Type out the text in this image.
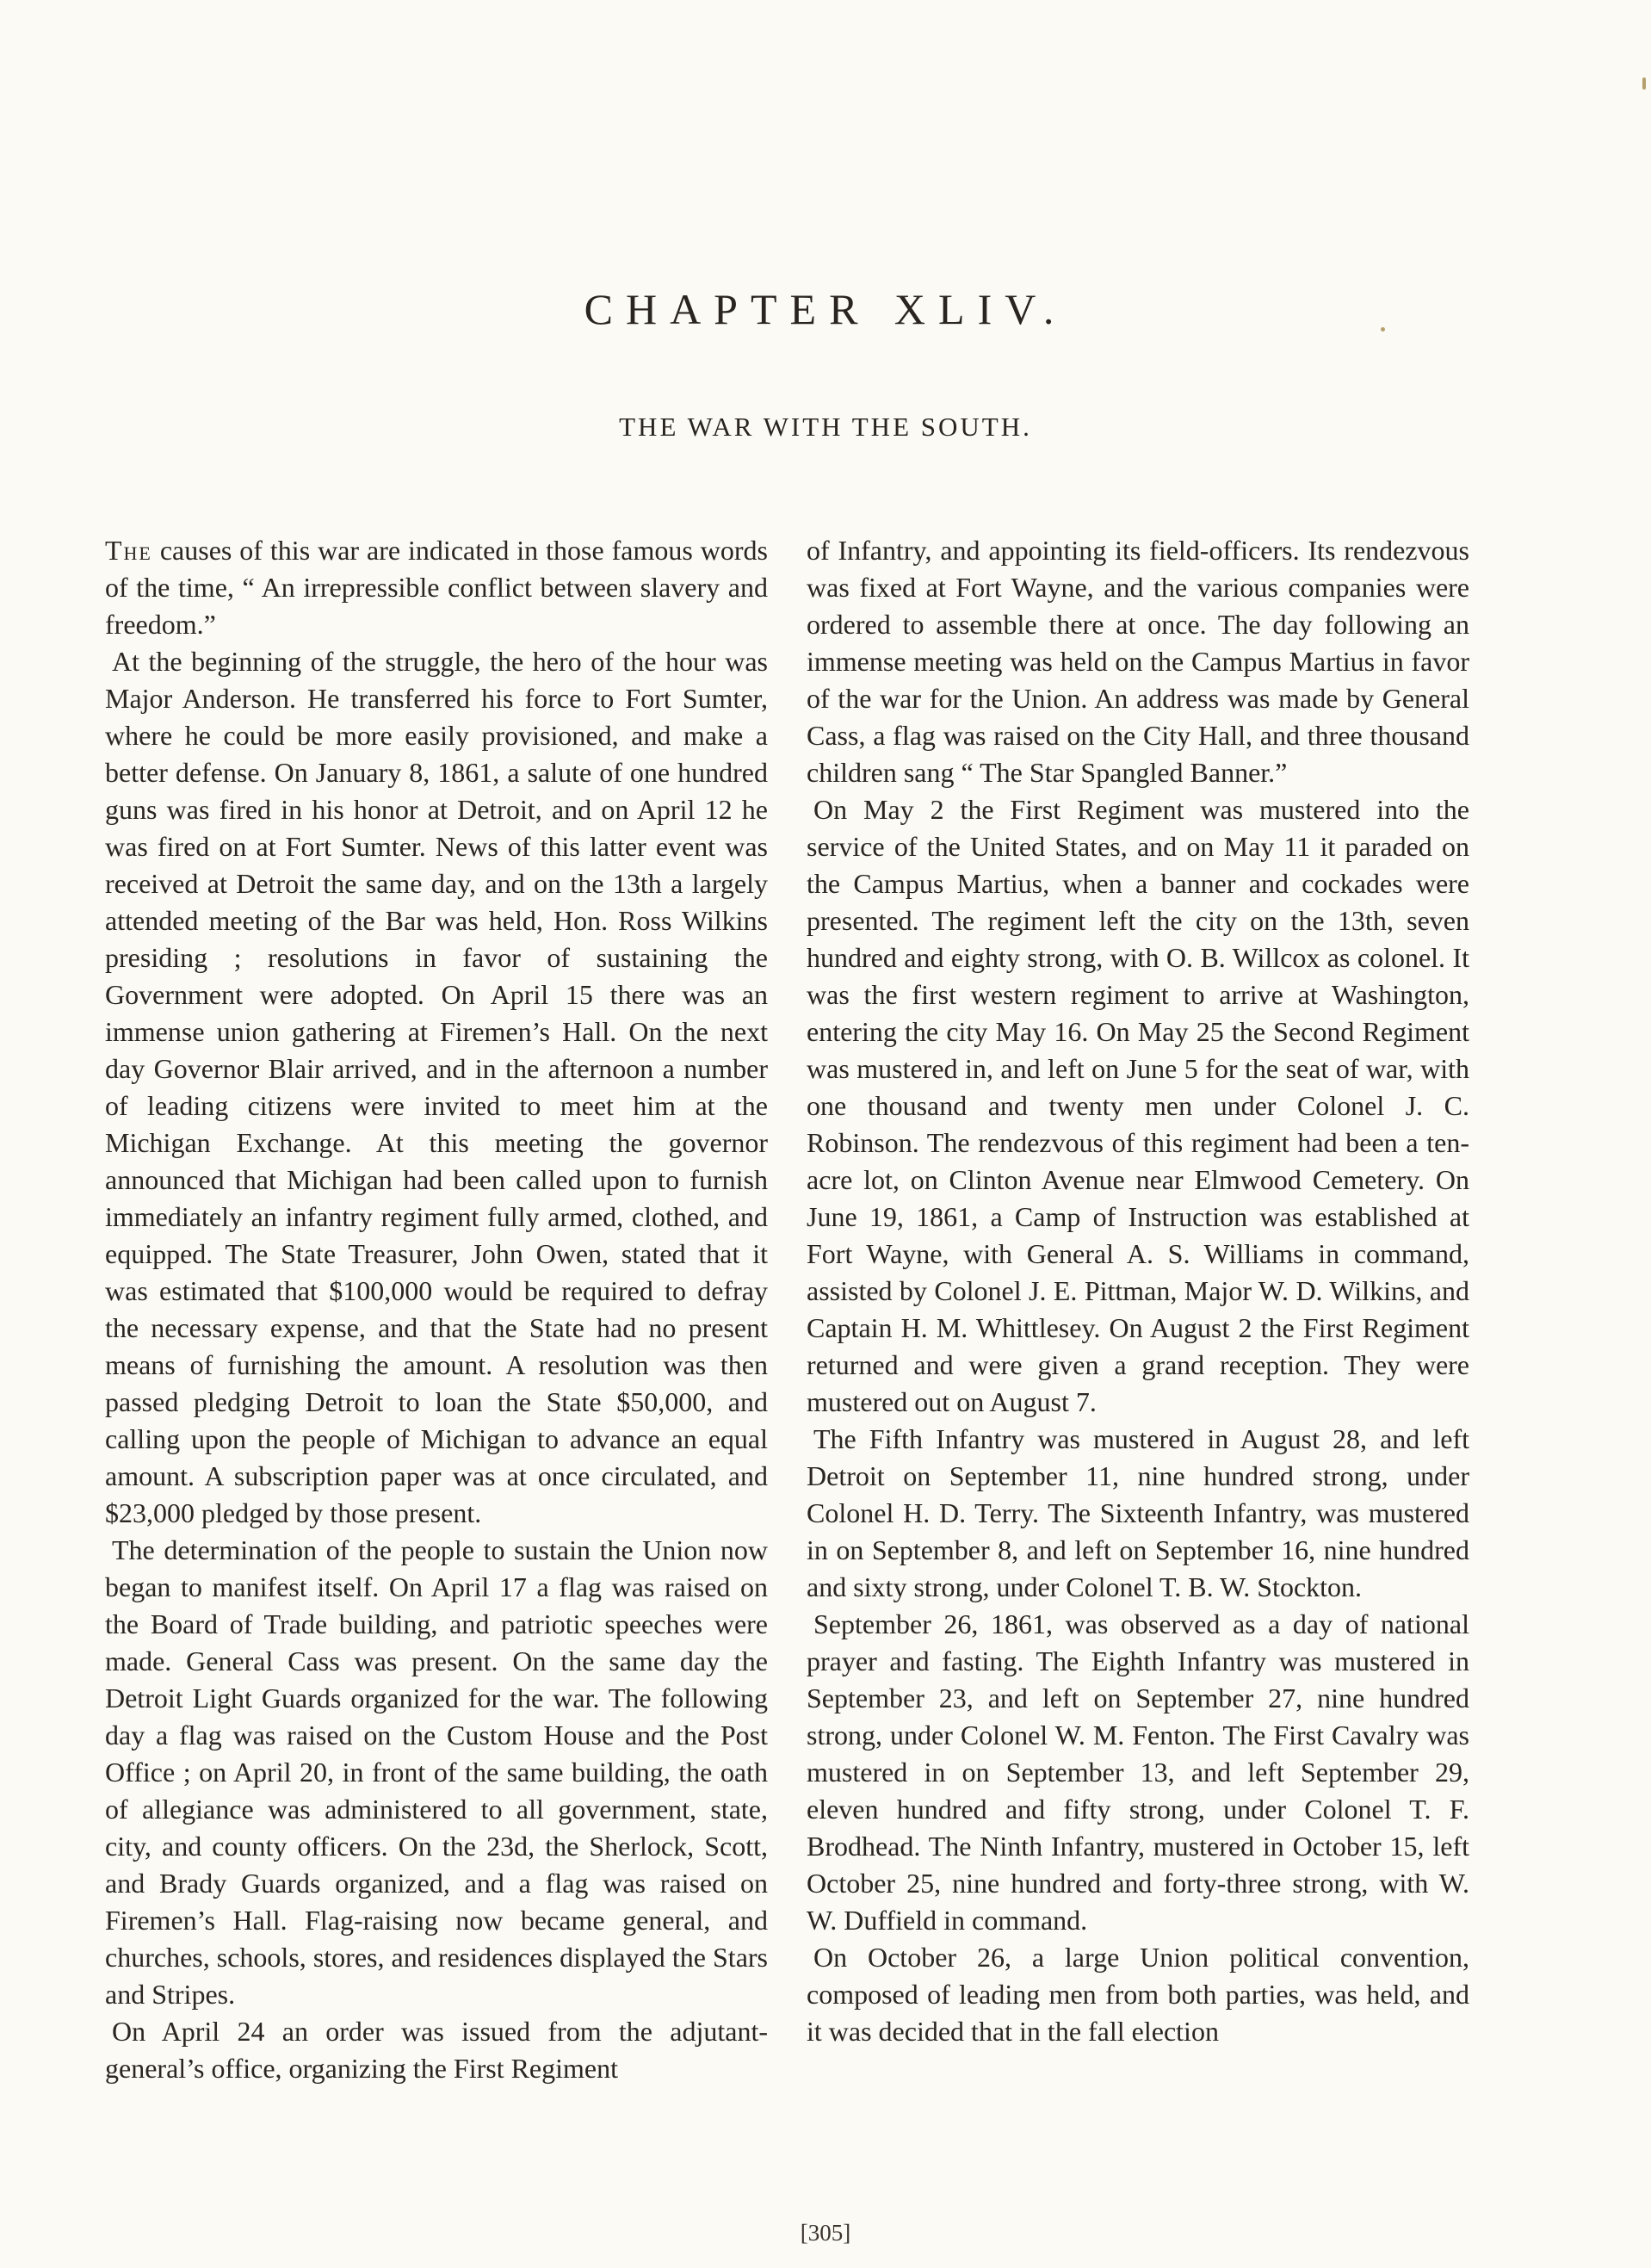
CHAPTER XLIV.
THE WAR WITH THE SOUTH.

The causes of this war are indicated in those famous words of the time, “ An irrepressible conflict between slavery and freedom.”

At the beginning of the struggle, the hero of the hour was Major Anderson. He transferred his force to Fort Sumter, where he could be more easily provisioned, and make a better defense. On January 8, 1861, a salute of one hundred guns was fired in his honor at Detroit, and on April 12 he was fired on at Fort Sumter. News of this latter event was received at Detroit the same day, and on the 13th a largely attended meeting of the Bar was held, Hon. Ross Wilkins presiding ; resolutions in favor of sustaining the Government were adopted. On April 15 there was an immense union gathering at Firemen’s Hall. On the next day Governor Blair arrived, and in the afternoon a number of leading citizens were invited to meet him at the Michigan Exchange. At this meeting the governor announced that Michigan had been called upon to furnish immediately an infantry regiment fully armed, clothed, and equipped. The State Treasurer, John Owen, stated that it was estimated that $100,000 would be required to defray the necessary expense, and that the State had no present means of furnishing the amount. A resolution was then passed pledging Detroit to loan the State $50,000, and calling upon the people of Michigan to advance an equal amount. A subscription paper was at once circulated, and $23,000 pledged by those present.

The determination of the people to sustain the Union now began to manifest itself. On April 17 a flag was raised on the Board of Trade building, and patriotic speeches were made. General Cass was present. On the same day the Detroit Light Guards organized for the war. The following day a flag was raised on the Custom House and the Post Office ; on April 20, in front of the same building, the oath of allegiance was administered to all government, state, city, and county officers. On the 23d, the Sherlock, Scott, and Brady Guards organized, and a flag was raised on Firemen’s Hall. Flag-raising now became general, and churches, schools, stores, and residences displayed the Stars and Stripes.

On April 24 an order was issued from the adjutant-general’s office, organizing the First Regiment

of Infantry, and appointing its field-officers. Its rendezvous was fixed at Fort Wayne, and the various companies were ordered to assemble there at once. The day following an immense meeting was held on the Campus Martius in favor of the war for the Union. An address was made by General Cass, a flag was raised on the City Hall, and three thousand children sang “ The Star Spangled Banner.”

On May 2 the First Regiment was mustered into the service of the United States, and on May 11 it paraded on the Campus Martius, when a banner and cockades were presented. The regiment left the city on the 13th, seven hundred and eighty strong, with O. B. Willcox as colonel. It was the first western regiment to arrive at Washington, entering the city May 16. On May 25 the Second Regiment was mustered in, and left on June 5 for the seat of war, with one thousand and twenty men under Colonel J. C. Robinson. The rendezvous of this regiment had been a ten-acre lot, on Clinton Avenue near Elmwood Cemetery. On June 19, 1861, a Camp of Instruction was established at Fort Wayne, with General A. S. Williams in command, assisted by Colonel J. E. Pittman, Major W. D. Wilkins, and Captain H. M. Whittlesey. On August 2 the First Regiment returned and were given a grand reception. They were mustered out on August 7.

The Fifth Infantry was mustered in August 28, and left Detroit on September 11, nine hundred strong, under Colonel H. D. Terry. The Sixteenth Infantry, was mustered in on September 8, and left on September 16, nine hundred and sixty strong, under Colonel T. B. W. Stockton.

September 26, 1861, was observed as a day of national prayer and fasting. The Eighth Infantry was mustered in September 23, and left on September 27, nine hundred strong, under Colonel W. M. Fenton. The First Cavalry was mustered in on September 13, and left September 29, eleven hundred and fifty strong, under Colonel T. F. Brodhead. The Ninth Infantry, mustered in October 15, left October 25, nine hundred and forty-three strong, with W. W. Duffield in command.

On October 26, a large Union political convention, composed of leading men from both parties, was held, and it was decided that in the fall election

[305]
